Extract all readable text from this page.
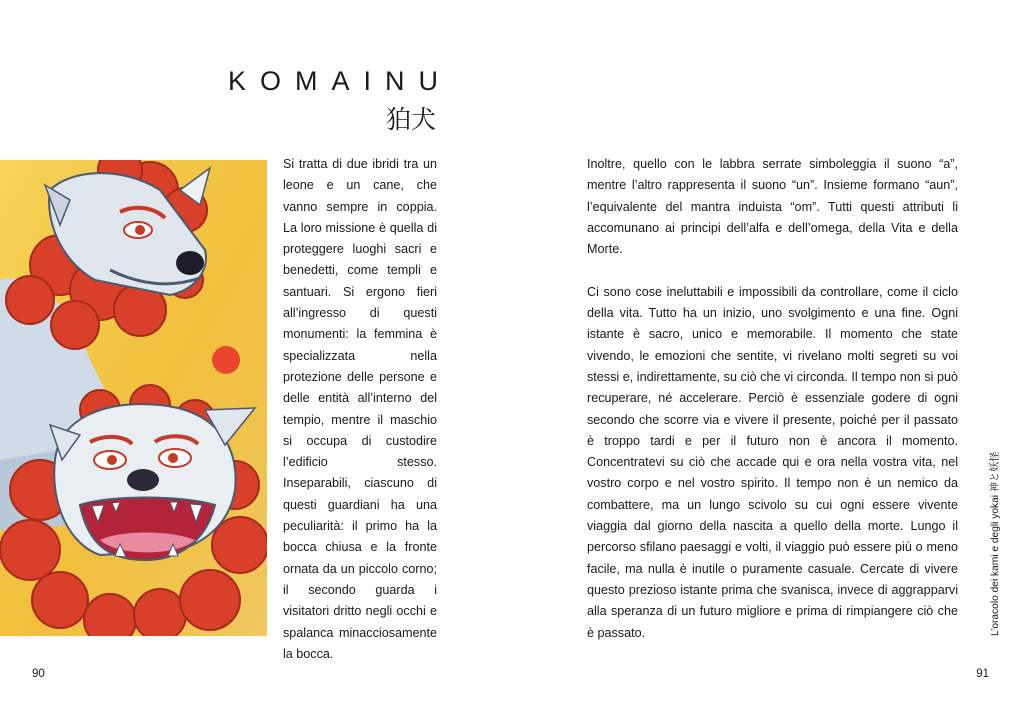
KOMAINU
狛犬

Si tratta di due ibridi tra un leone e un cane, che vanno sempre in coppia. La loro missione è quella di proteggere luoghi sacri e benedetti, come templi e santuari. Si ergono fieri all’ingresso di questi monumenti: la femmina è specializzata nella protezione delle persone e delle entità all’interno del tempio, mentre il maschio si occupa di custodire l’edificio stesso. Inseparabili, ciascuno di questi guardiani ha una peculiarità: il primo ha la bocca chiusa e la fronte ornata da un piccolo corno; il secondo guarda i visitatori dritto negli occhi e spalanca minacciosamente la bocca.

Inoltre, quello con le labbra serrate simboleggia il suono “a”, mentre l’altro rappresenta il suono “un”. Insieme formano “aun”, l’equivalente del mantra induista “om”. Tutti questi attributi li accomunano ai principi dell’alfa e dell’omega, della Vita e della Morte.

Ci sono cose ineluttabili e impossibili da controllare, come il ciclo della vita. Tutto ha un inizio, uno svolgimento e una fine. Ogni istante è sacro, unico e memorabile. Il momento che state vivendo, le emozioni che sentite, vi rivelano molti segreti su voi stessi e, indirettamente, su ciò che vi circonda. Il tempo non si può recuperare, né accelerare. Perciò è essenziale godere di ogni secondo che scorre via e vivere il presente, poiché per il passato è troppo tardi e per il futuro non è ancora il momento. Concentratevi su ciò che accade qui e ora nella vostra vita, nel vostro corpo e nel vostro spirito. Il tempo non è un nemico da combattere, ma un lungo scivolo su cui ogni essere vivente viaggia dal giorno della nascita a quello della morte. Lungo il percorso sfilano paesaggi e volti, il viaggio può essere più o meno facile, ma nulla è inutile o puramente casuale. Cercate di vivere questo prezioso istante prima che svanisca, invece di aggrapparvi alla speranza di un futuro migliore e prima di rimpiangere ciò che è passato.

90	91
L’oracolo dei kami e degli yokai 神と妖怪
